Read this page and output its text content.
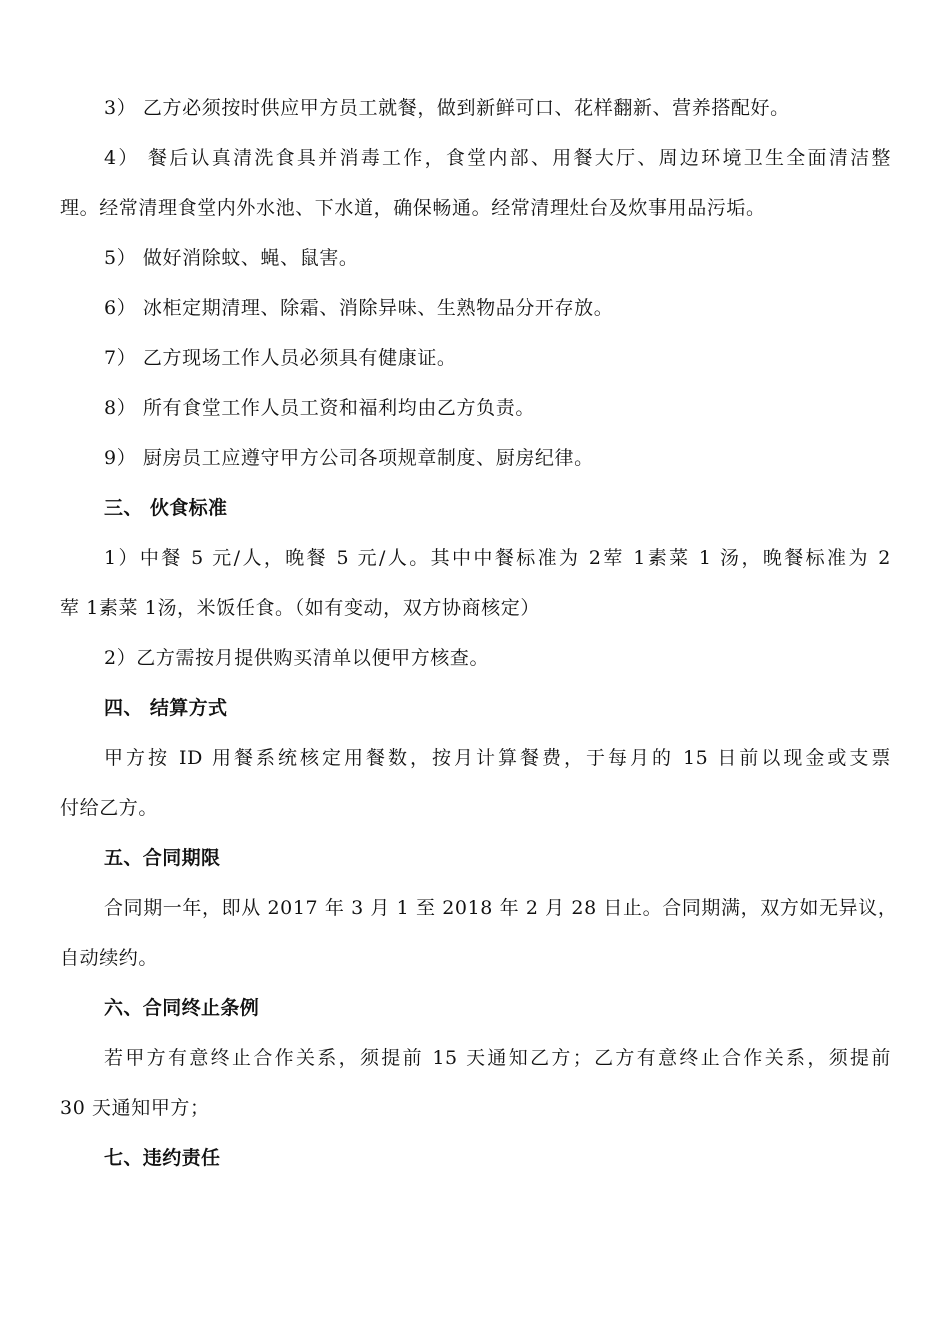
3） 乙方必须按时供应甲方员工就餐，做到新鲜可口、花样翻新、营养搭配好。
4） 餐后认真清洗食具并消毒工作，食堂内部、用餐大厅、周边环境卫生全面清洁整
理。经常清理食堂内外水池、下水道，确保畅通。经常清理灶台及炊事用品污垢。
5） 做好消除蚊、蝇、鼠害。
6） 冰柜定期清理、除霜、消除异味、生熟物品分开存放。
7） 乙方现场工作人员必须具有健康证。
8） 所有食堂工作人员工资和福利均由乙方负责。
9） 厨房员工应遵守甲方公司各项规章制度、厨房纪律。
三、 伙食标准
1）中餐 5 元/人，晚餐 5 元/人。其中中餐标准为 2荤 1素菜 1 汤，晚餐标准为 2
荤 1素菜 1汤，米饭任食。（如有变动，双方协商核定）
2）乙方需按月提供购买清单以便甲方核查。
四、 结算方式
甲方按 ID 用餐系统核定用餐数，按月计算餐费，于每月的 15 日前以现金或支票
付给乙方。
五、合同期限
合同期一年，即从 2017 年 3 月 1 至 2018 年 2 月 28 日止。合同期满，双方如无异议，
自动续约。
六、合同终止条例
若甲方有意终止合作关系，须提前 15 天通知乙方；乙方有意终止合作关系，须提前
30 天通知甲方；
七、违约责任
